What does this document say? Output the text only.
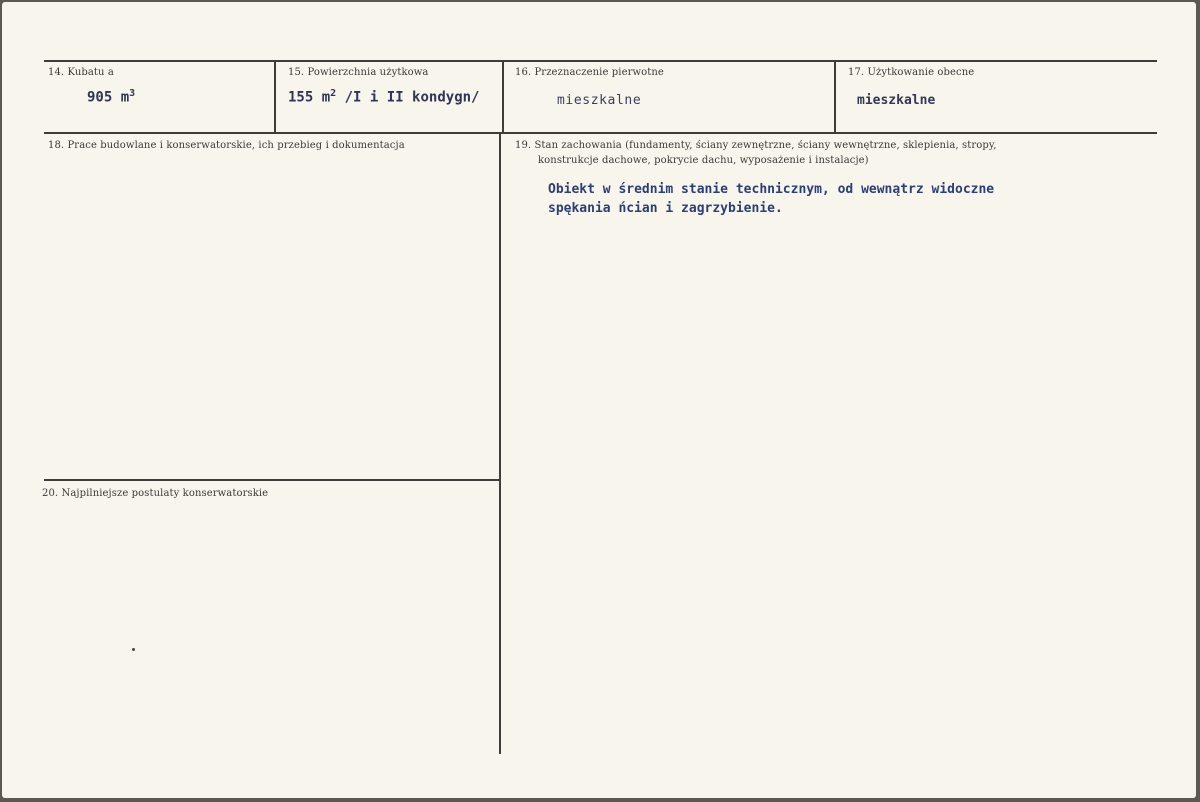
14. Kubatu a
905 $m^3$
15. Powierzchnia użytkowa
155 $m^2$ /I i II kondygn/
16. Przeznaczenie pierwotne
mieszkalne
17. Użytkowanie obecne
mieszkalne
18. Prace budowlane i konserwatorskie, ich przebieg i dokumentacja	19. Stan zachowania (fundamenty, ściany zewnętrzne, ściany wewnętrzne, sklepienia, stropy,
konstrukcje dachowe, pokrycie dachu, wyposażenie i instalacje)
Obiekt w średnim stanie technicznym, od wewnątrz widoczne
spękania ńcian i zagrzybienie.
20. Najpilniejsze postulaty konserwatorskie
